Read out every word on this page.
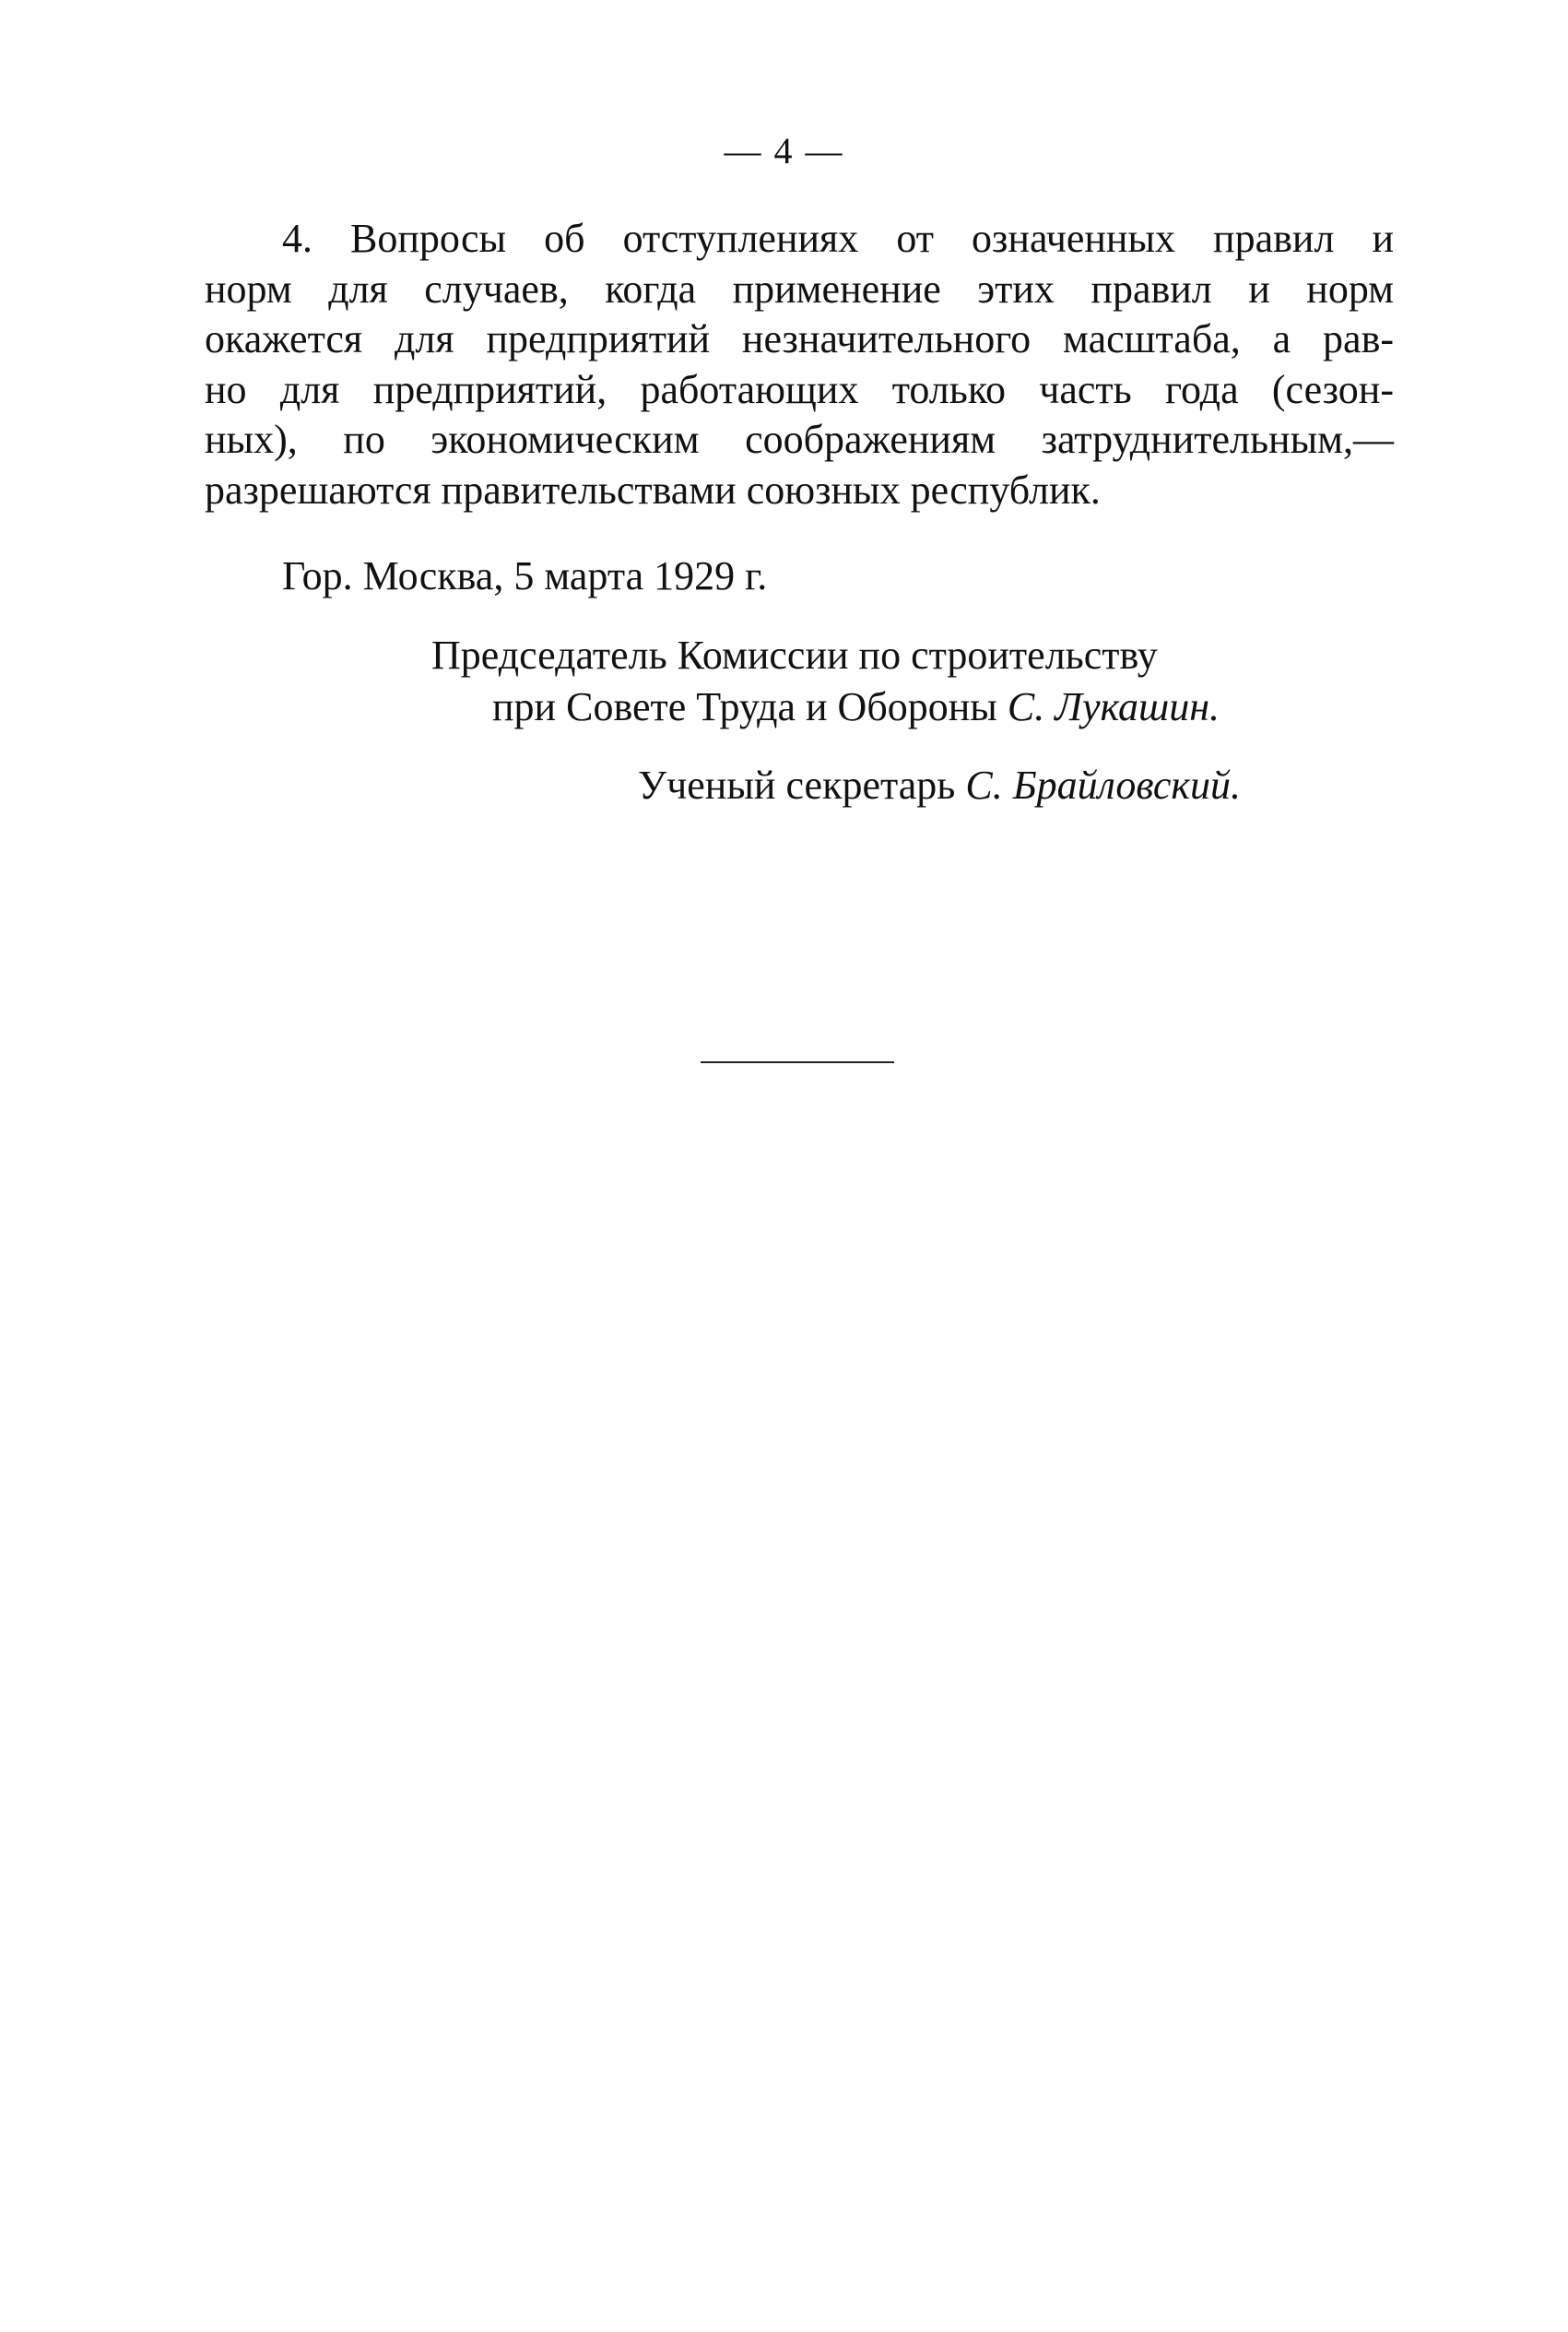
— 4 —

4. Вопросы об отступлениях от означенных правил и
норм для случаев, когда применение этих правил и норм
окажется для предприятий незначительного масштаба, а рав-
но для предприятий, работающих только часть года (сезон-
ных), по экономическим соображениям затруднительным,—
разрешаются правительствами союзных республик.

Гор. Москва, 5 марта 1929 г.
Председатель Комиссии по строительству
при Совете Труда и Обороны С. Лукашин.
Ученый секретарь С. Брайловский.
